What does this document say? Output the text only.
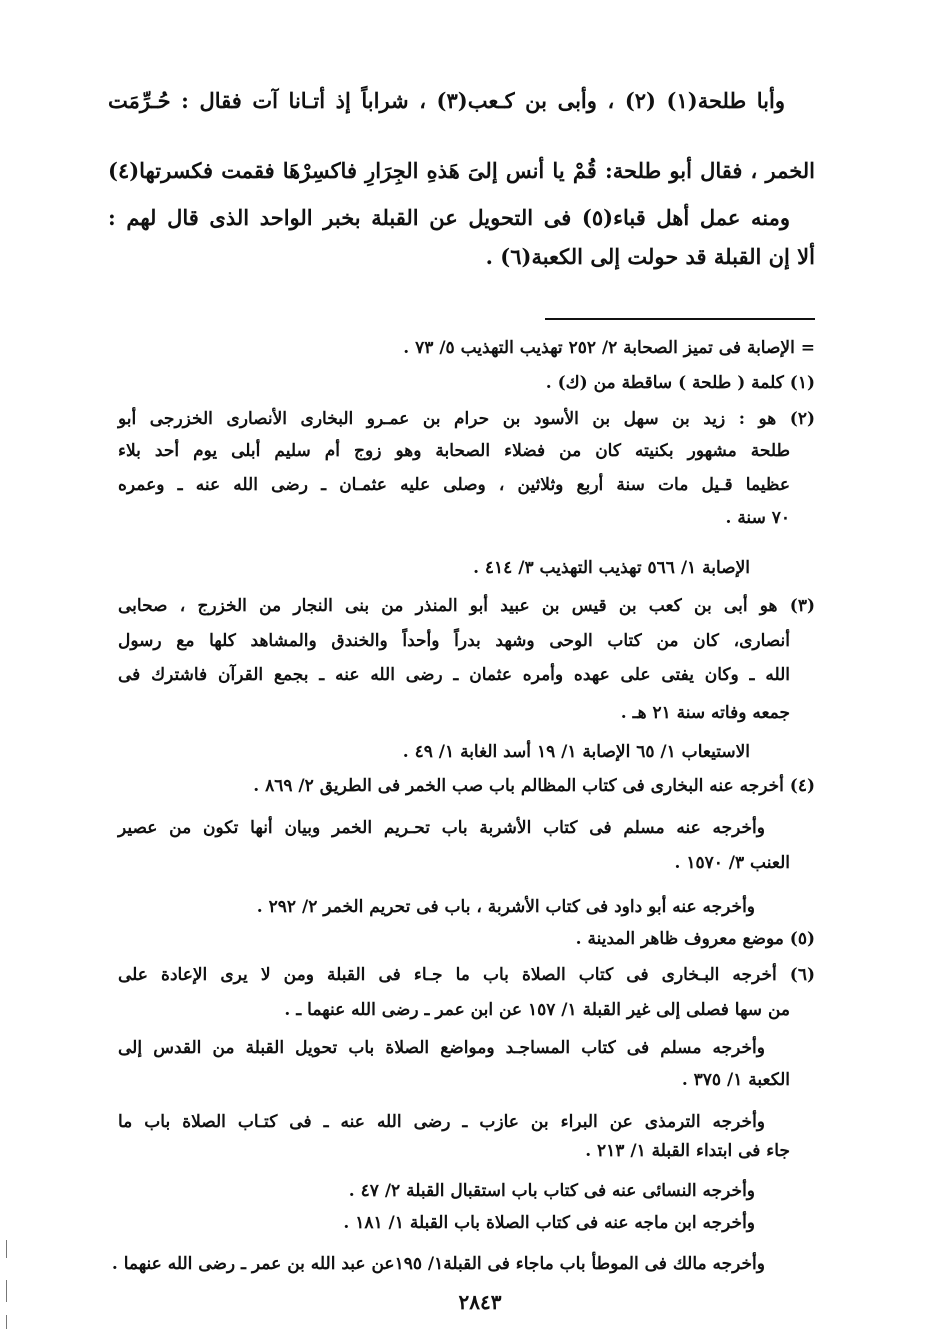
وأبا طلحة(١) (٢) ، وأبى بن كـعب(٣) ، شراباً إذ أتـانا آت فقال : حُـرِّمَت
الخمر ، فقال أبو طلحة: قُمْ يا أنس إلىَ هَذهِ الجِرَارِ فاكسِرْهَا فقمت فكسرتها(٤)
ومنه عمل أهل قباء(٥) فى التحويل عن القبلة بخبر الواحد الذى قال لهم :
ألا إن القبلة قد حولت إلى الكعبة(٦) .
= الإصابة فى تميز الصحابة ٢/ ٢٥٢ تهذيب التهذيب ٥/ ٧٣ .
(١) كلمة ( طلحة ) ساقطة من (ك) .
(٢) هو : زيد بن سهل بن الأسود بن حرام بن عمـرو البخارى الأنصارى الخزرجى أبو
طلحة مشهور بكنيته كان من فضلاء الصحابة وهو زوج أم سليم أبلى يوم أحد بلاء
عظيما قـيل مات سنة أربع وثلاثين ، وصلى عليه عثمـان ـ رضى الله عنه ـ وعمره
٧٠ سنة .
الإصابة ١/ ٥٦٦ تهذيب التهذيب ٣/ ٤١٤ .
(٣) هو أبى بن كعب بن قيس بن عبيد أبو المنذر من بنى النجار من الخزرج ، صحابى
أنصارى، كان من كتاب الوحى وشهد بدراً وأحداً والخندق والمشاهد كلها مع رسول
الله ـ وكان يفتى على عهده وأمره عثمان ـ رضى الله عنه ـ بجمع القرآن فاشترك فى
جمعه وفاته سنة ٢١ هـ .
الاستيعاب ١/ ٦٥ الإصابة ١/ ١٩ أسد الغابة ١/ ٤٩ .
(٤) أخرجه عنه البخارى فى كتاب المظالم باب صب الخمر فى الطريق ٢/ ٨٦٩ .
وأخرجه عنه مسلم فى كتاب الأشربة باب تحـريم الخمر وبيان أنها تكون من عصير
العنب ٣/ ١٥٧٠ .
وأخرجه عنه أبو داود فى كتاب الأشربة ، باب فى تحريم الخمر ٢/ ٢٩٢ .
(٥) موضع معروف ظاهر المدينة .
(٦) أخرجه البـخارى فى كتاب الصلاة باب ما جـاء فى القبلة ومن لا يرى الإعادة على
من سها فصلى إلى غير القبلة ١/ ١٥٧ عن ابن عمر ـ رضى الله عنهما ـ .
وأخرجه مسلم فى كتاب المساجـد ومواضع الصلاة باب تحويل القبلة من القدس إلى
الكعبة ١/ ٣٧٥ .
وأخرجه الترمذى عن البراء بن عازب ـ رضى الله عنه ـ فى كتـاب الصلاة باب ما
جاء فى ابتداء القبلة ١/ ٢١٣ .
وأخرجه النسائى عنه فى كتاب باب استقبال القبلة ٢/ ٤٧ .
وأخرجه ابن ماجه عنه فى كتاب الصلاة باب القبلة ١/ ١٨١ .
وأخرجه مالك فى الموطأ باب ماجاء فى القبلة١/ ١٩٥عن عبد الله بن عمر ـ رضى الله عنهما .
٢٨٤٣
